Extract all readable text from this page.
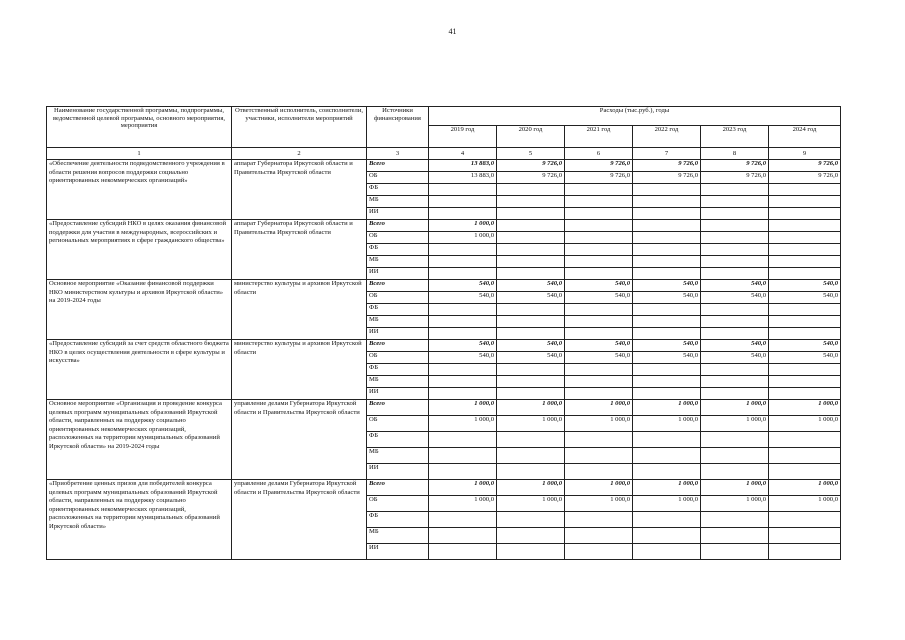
41
Наименование государственной программы, подпрограммы, ведомственной целевой программы, основного мероприятия, мероприятия	Ответственный исполнитель, соисполнители, участники, исполнители мероприятий	Источники финансирования	Расходы (тыс.руб.), годы					
			2019 год	2020 год	2021 год	2022 год	2023 год	2024 год
1	2	3	4	5	6	7	8	9
«Обеспечение деятельности подведомственного учреждения в области решения вопросов поддержки социально ориентированных некоммерческих организаций»	аппарат Губернатора Иркутской области и Правительства Иркутской области	Всего	13 883,0	9 726,0	9 726,0	9 726,0	9 726,0	9 726,0
		ОБ	13 883,0	9 726,0	9 726,0	9 726,0	9 726,0	9 726,0
		ФБ						
		МБ						
		ИИ						
«Предоставление субсидий НКО в целях оказания финансовой поддержки для участия в международных, всероссийских и региональных мероприятиях в сфере гражданского общества»	аппарат Губернатора Иркутской области и Правительства Иркутской области	Всего	1 000,0					
		ОБ	1 000,0					
		ФБ						
		МБ						
		ИИ						
Основное мероприятие «Оказание финансовой поддержки НКО министерством культуры и архивов Иркутской области» на 2019-2024 годы	министерство культуры и архивов Иркутской области	Всего	540,0	540,0	540,0	540,0	540,0	540,0
		ОБ	540,0	540,0	540,0	540,0	540,0	540,0
		ФБ						
		МБ						
		ИИ						
«Предоставление субсидий за счет средств областного бюджета НКО в целях осуществления деятельности в сфере культуры и искусства»	министерство культуры и архивов Иркутской области	Всего	540,0	540,0	540,0	540,0	540,0	540,0
		ОБ	540,0	540,0	540,0	540,0	540,0	540,0
		ФБ						
		МБ						
		ИИ						
Основное мероприятие «Организация и проведение конкурса целевых программ муниципальных образований Иркутской области, направленных на поддержку социально ориентированных некоммерческих организаций, расположенных на территории муниципальных образований Иркутской области» на 2019-2024 годы	управление делами Губернатора Иркутской области и Правительства Иркутской области	Всего	1 000,0	1 000,0	1 000,0	1 000,0	1 000,0	1 000,0
		ОБ	1 000,0	1 000,0	1 000,0	1 000,0	1 000,0	1 000,0
		ФБ						
		МБ						
		ИИ						
«Приобретение ценных призов для победителей конкурса целевых программ муниципальных образований Иркутской области, направленных на поддержку социально ориентированных некоммерческих организаций, расположенных на территории муниципальных образований Иркутской области»	управление делами Губернатора Иркутской области и Правительства Иркутской области	Всего	1 000,0	1 000,0	1 000,0	1 000,0	1 000,0	1 000,0
		ОБ	1 000,0	1 000,0	1 000,0	1 000,0	1 000,0	1 000,0
		ФБ						
		МБ						
		ИИ						
